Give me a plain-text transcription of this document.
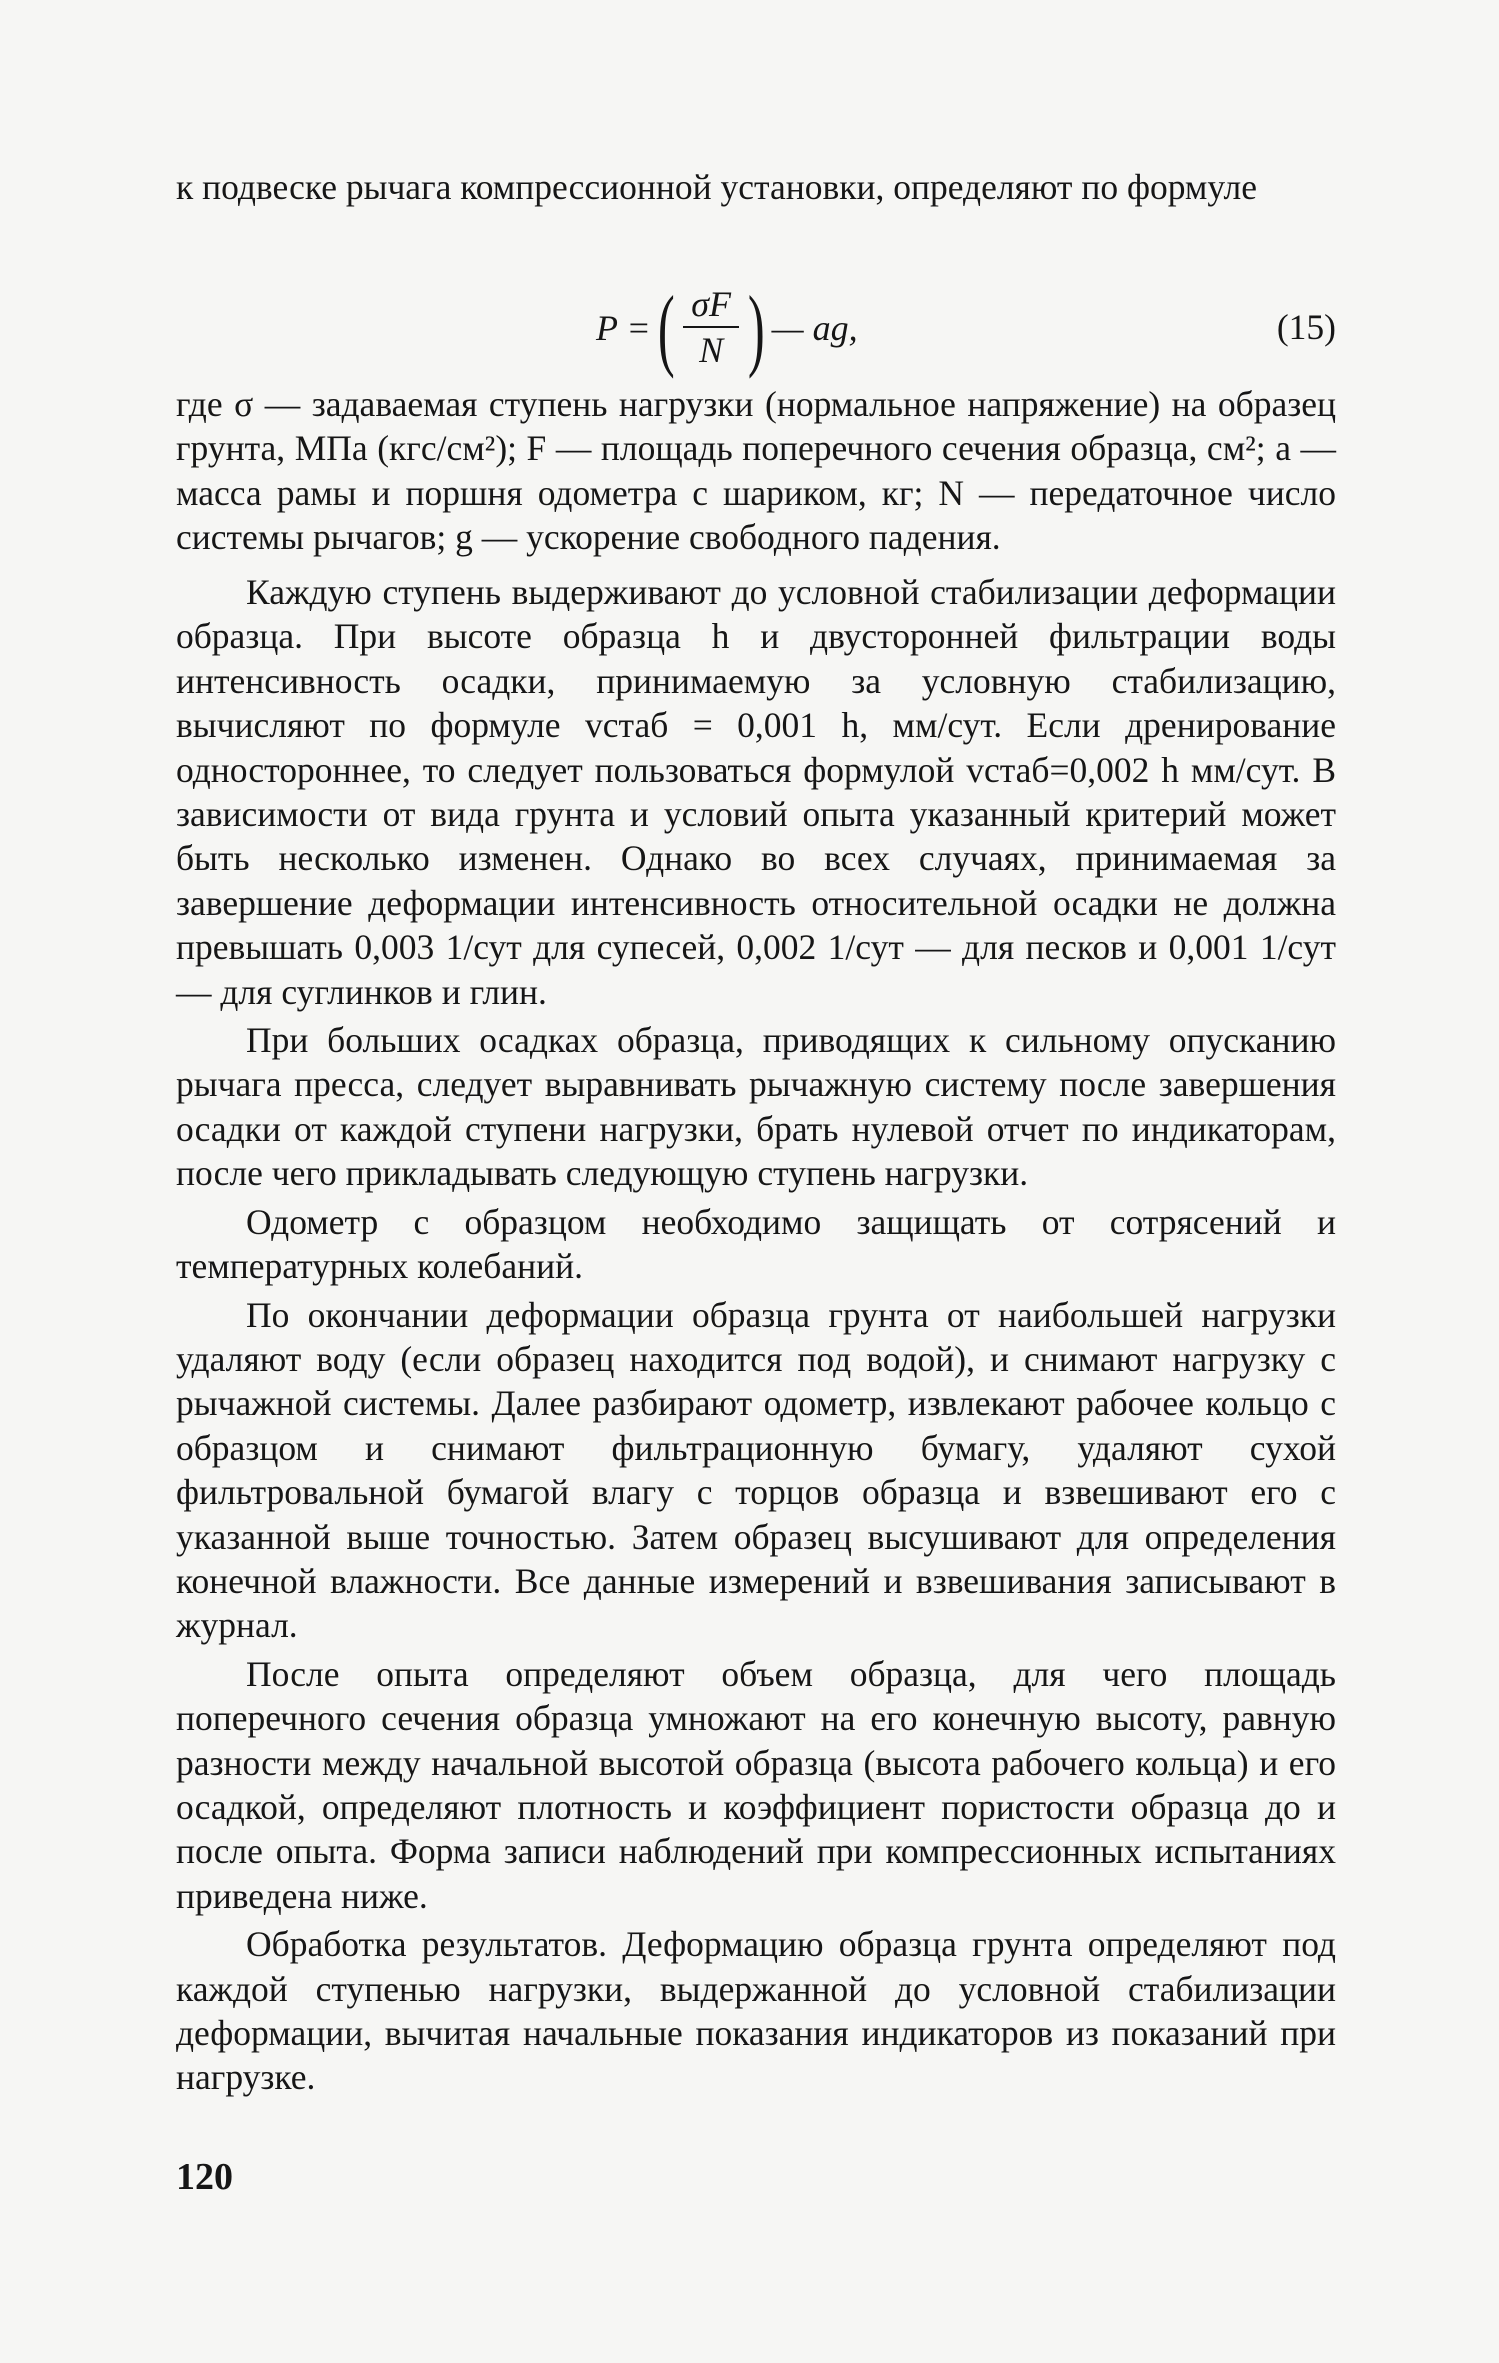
к подвеске рычага компрессионной установки, определяют по формуле

P = ( $\frac{\sigma F}{N}$ ) — ag,	(15)

где σ — задаваемая ступень нагрузки (нормальное напряжение) на образец грунта, МПа (кгс/см²); F — площадь поперечного сечения образца, см²; a — масса рамы и поршня одометра с шариком, кг; N — передаточное число системы рычагов; g — ускорение свободного падения.

Каждую ступень выдерживают до условной стабилизации деформации образца. При высоте образца h и двусторонней фильтрации воды интенсивность осадки, принимаемую за условную стабилизацию, вычисляют по формуле vстаб = 0,001 h, мм/сут. Если дренирование одностороннее, то следует пользоваться формулой vстаб=0,002 h мм/сут. В зависимости от вида грунта и условий опыта указанный критерий может быть несколько изменен. Однако во всех случаях, принимаемая за завершение деформации интенсивность относительной осадки не должна превышать 0,003 1/сут для супесей, 0,002 1/сут — для песков и 0,001 1/сут — для суглинков и глин.

При больших осадках образца, приводящих к сильному опусканию рычага пресса, следует выравнивать рычажную систему после завершения осадки от каждой ступени нагрузки, брать нулевой отчет по индикаторам, после чего прикладывать следующую ступень нагрузки.

Одометр с образцом необходимо защищать от сотрясений и температурных колебаний.

По окончании деформации образца грунта от наибольшей нагрузки удаляют воду (если образец находится под водой), и снимают нагрузку с рычажной системы. Далее разбирают одометр, извлекают рабочее кольцо с образцом и снимают фильтрационную бумагу, удаляют сухой фильтровальной бумагой влагу с торцов образца и взвешивают его с указанной выше точностью. Затем образец высушивают для определения конечной влажности. Все данные измерений и взвешивания записывают в журнал.

После опыта определяют объем образца, для чего площадь поперечного сечения образца умножают на его конечную высоту, равную разности между начальной высотой образца (высота рабочего кольца) и его осадкой, определяют плотность и коэффициент пористости образца до и после опыта. Форма записи наблюдений при компрессионных испытаниях приведена ниже.

Обработка результатов. Деформацию образца грунта определяют под каждой ступенью нагрузки, выдержанной до условной стабилизации деформации, вычитая начальные показания индикаторов из показаний при нагрузке.

120
